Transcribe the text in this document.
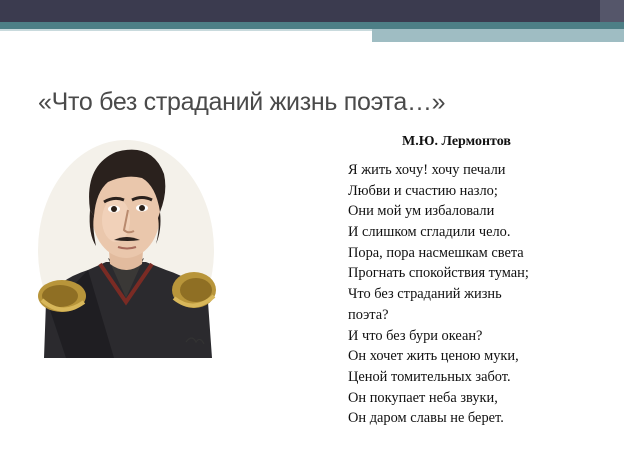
«Что без страданий жизнь поэта…»
М.Ю. Лермонтов
Я жить хочу! хочу печали
Любви и счастию назло;
Они мой ум избаловали
И слишком сгладили чело.
Пора, пора насмешкам света
Прогнать спокойствия туман;
Что без страданий жизнь
поэта?
И что без бури океан?
Он хочет жить ценою муки,
Ценой томительных забот.
Он покупает неба звуки,
Он даром славы не берет.
